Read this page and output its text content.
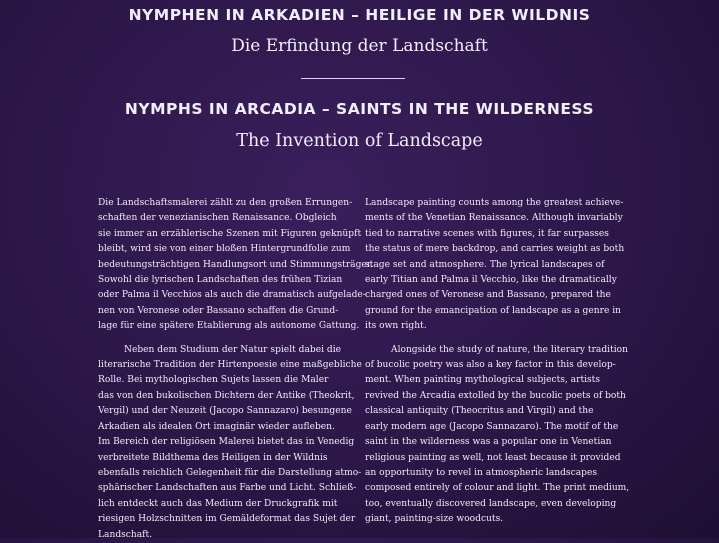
NYMPHEN IN ARKADIEN – HEILIGE IN DER WILDNIS
Die Erfindung der Landschaft
NYMPHS IN ARCADIA – SAINTS IN THE WILDERNESS
The Invention of Landscape
Die Landschaftsmalerei zählt zu den großen Errungen-
schaften der venezianischen Renaissance. Obgleich
sie immer an erzählerische Szenen mit Figuren geknüpft
bleibt, wird sie von einer bloßen Hintergrundfolie zum
bedeutungsträchtigen Handlungsort und Stimmungsträger.
Sowohl die lyrischen Landschaften des frühen Tizian
oder Palma il Vecchios als auch die dramatisch aufgelade-
nen von Veronese oder Bassano schaffen die Grund-
lage für eine spätere Etablierung als autonome Gattung.
Neben dem Studium der Natur spielt dabei die
literarische Tradition der Hirtenpoesie eine maßgebliche
Rolle. Bei mythologischen Sujets lassen die Maler
das von den bukolischen Dichtern der Antike (Theokrit,
Vergil) und der Neuzeit (Jacopo Sannazaro) besungene
Arkadien als idealen Ort imaginär wieder aufleben.
Im Bereich der religiösen Malerei bietet das in Venedig
verbreitete Bildthema des Heiligen in der Wildnis
ebenfalls reichlich Gelegenheit für die Darstellung atmo-
sphärischer Landschaften aus Farbe und Licht. Schließ-
lich entdeckt auch das Medium der Druckgrafik mit
riesigen Holzschnitten im Gemäldeformat das Sujet der
Landschaft.
Landscape painting counts among the greatest achieve-
ments of the Venetian Renaissance. Although invariably
tied to narrative scenes with figures, it far surpasses
the status of mere backdrop, and carries weight as both
stage set and atmosphere. The lyrical landscapes of
early Titian and Palma il Vecchio, like the dramatically
charged ones of Veronese and Bassano, prepared the
ground for the emancipation of landscape as a genre in
its own right.
Alongside the study of nature, the literary tradition
of bucolic poetry was also a key factor in this develop-
ment. When painting mythological subjects, artists
revived the Arcadia extolled by the bucolic poets of both
classical antiquity (Theocritus and Virgil) and the
early modern age (Jacopo Sannazaro). The motif of the
saint in the wilderness was a popular one in Venetian
religious painting as well, not least because it provided
an opportunity to revel in atmospheric landscapes
composed entirely of colour and light. The print medium,
too, eventually discovered landscape, even developing
giant, painting-size woodcuts.
